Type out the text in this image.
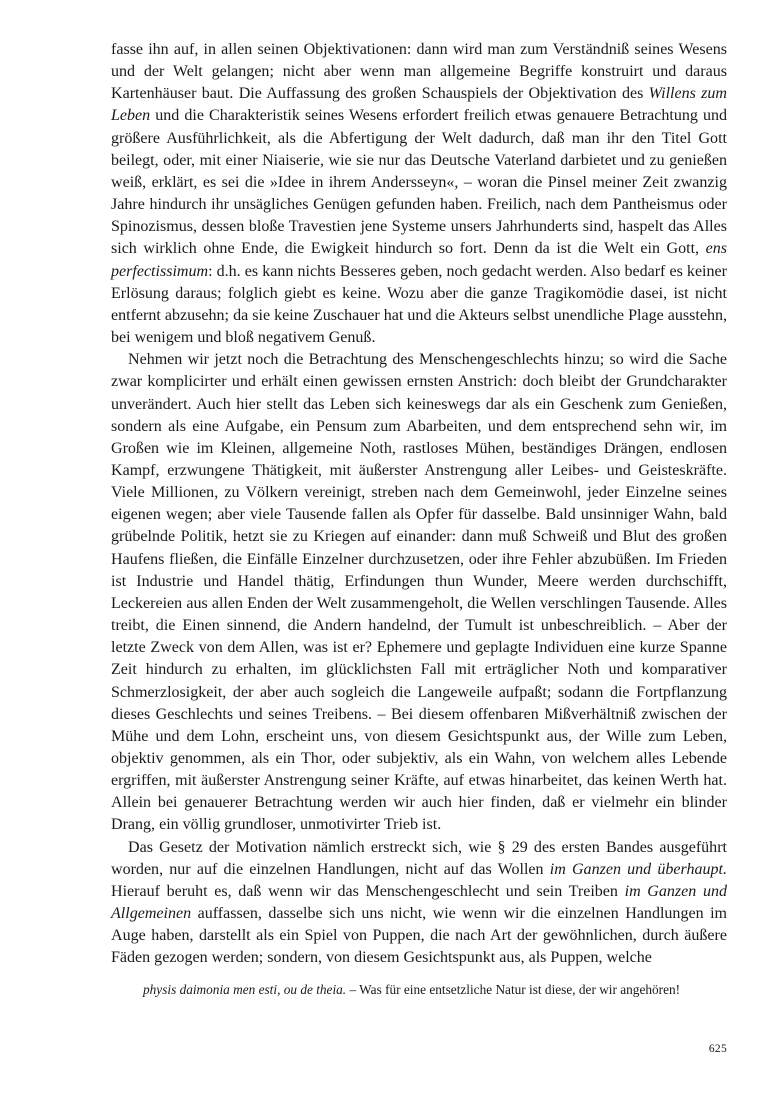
fasse ihn auf, in allen seinen Objektivationen: dann wird man zum Verständniß seines Wesens und der Welt gelangen; nicht aber wenn man allgemeine Begriffe konstruirt und daraus Kartenhäuser baut. Die Auffassung des großen Schauspiels der Objektivation des Willens zum Leben und die Charakteristik seines Wesens erfordert freilich etwas genauere Betrachtung und größere Ausführlichkeit, als die Abfertigung der Welt dadurch, daß man ihr den Titel Gott beilegt, oder, mit einer Niaiserie, wie sie nur das Deutsche Vaterland darbietet und zu genießen weiß, erklärt, es sei die »Idee in ihrem Andersseyn«, – woran die Pinsel meiner Zeit zwanzig Jahre hindurch ihr unsägliches Genügen gefunden haben. Freilich, nach dem Pantheismus oder Spinozismus, dessen bloße Travestien jene Systeme unsers Jahrhunderts sind, haspelt das Alles sich wirklich ohne Ende, die Ewigkeit hindurch so fort. Denn da ist die Welt ein Gott, ens perfectissimum: d.h. es kann nichts Besseres geben, noch gedacht werden. Also bedarf es keiner Erlösung daraus; folglich giebt es keine. Wozu aber die ganze Tragikomödie dasei, ist nicht entfernt abzusehn; da sie keine Zuschauer hat und die Akteurs selbst unendliche Plage ausstehn, bei wenigem und bloß negativem Genuß.

Nehmen wir jetzt noch die Betrachtung des Menschengeschlechts hinzu; so wird die Sache zwar komplicirter und erhält einen gewissen ernsten Anstrich: doch bleibt der Grundcharakter unverändert. Auch hier stellt das Leben sich keineswegs dar als ein Geschenk zum Genießen, sondern als eine Aufgabe, ein Pensum zum Abarbeiten, und dem entsprechend sehn wir, im Großen wie im Kleinen, allgemeine Noth, rastloses Mühen, beständiges Drängen, endlosen Kampf, erzwungene Thätigkeit, mit äußerster Anstrengung aller Leibes- und Geisteskräfte. Viele Millionen, zu Völkern vereinigt, streben nach dem Gemeinwohl, jeder Einzelne seines eigenen wegen; aber viele Tausende fallen als Opfer für dasselbe. Bald unsinniger Wahn, bald grübelnde Politik, hetzt sie zu Kriegen auf einander: dann muß Schweiß und Blut des großen Haufens fließen, die Einfälle Einzelner durchzusetzen, oder ihre Fehler abzubüßen. Im Frieden ist Industrie und Handel thätig, Erfindungen thun Wunder, Meere werden durchschifft, Leckereien aus allen Enden der Welt zusammengeholt, die Wellen verschlingen Tausende. Alles treibt, die Einen sinnend, die Andern handelnd, der Tumult ist unbeschreiblich. – Aber der letzte Zweck von dem Allen, was ist er? Ephemere und geplagte Individuen eine kurze Spanne Zeit hindurch zu erhalten, im glücklichsten Fall mit erträglicher Noth und komparativer Schmerzlosigkeit, der aber auch sogleich die Langeweile aufpaßt; sodann die Fortpflanzung dieses Geschlechts und seines Treibens. – Bei diesem offenbaren Mißverhältniß zwischen der Mühe und dem Lohn, erscheint uns, von diesem Gesichtspunkt aus, der Wille zum Leben, objektiv genommen, als ein Thor, oder subjektiv, als ein Wahn, von welchem alles Lebende ergriffen, mit äußerster Anstrengung seiner Kräfte, auf etwas hinarbeitet, das keinen Werth hat. Allein bei genauerer Betrachtung werden wir auch hier finden, daß er vielmehr ein blinder Drang, ein völlig grundloser, unmotivirter Trieb ist.

Das Gesetz der Motivation nämlich erstreckt sich, wie § 29 des ersten Bandes ausgeführt worden, nur auf die einzelnen Handlungen, nicht auf das Wollen im Ganzen und überhaupt. Hierauf beruht es, daß wenn wir das Menschengeschlecht und sein Treiben im Ganzen und Allgemeinen auffassen, dasselbe sich uns nicht, wie wenn wir die einzelnen Handlungen im Auge haben, darstellt als ein Spiel von Puppen, die nach Art der gewöhnlichen, durch äußere Fäden gezogen werden; sondern, von diesem Gesichtspunkt aus, als Puppen, welche

physis daimonia men esti, ou de theia. – Was für eine entsetzliche Natur ist diese, der wir angehören!

625
